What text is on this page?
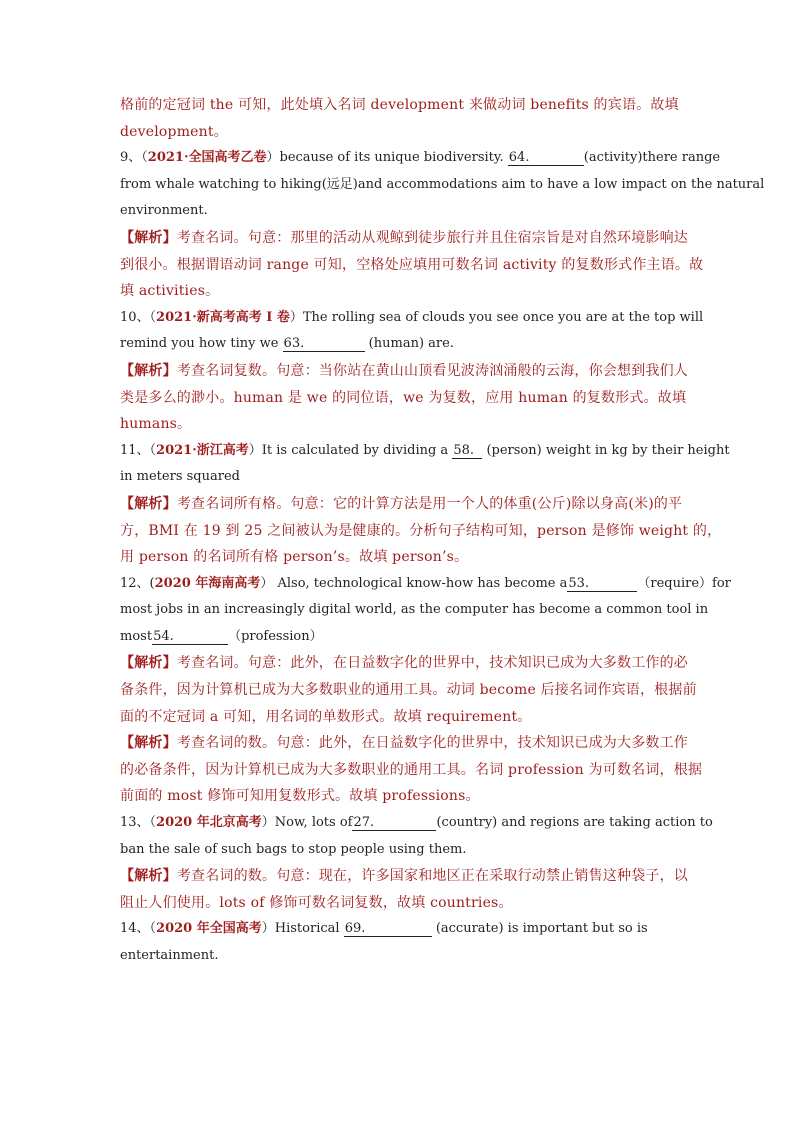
格前的定冠词 the 可知，此处填入名词 development 来做动词 benefits 的宾语。故填
development。
9、（2021·全国高考乙卷）because of its unique biodiversity. 64.	(activity)there range
from whale watching to hiking(远足)and accommodations aim to have a low impact on the natural
environment.
【解析】考查名词。句意：那里的活动从观鲸到徒步旅行并且住宿宗旨是对自然环境影响达
到很小。根据谓语动词 range 可知，空格处应填用可数名词 activity 的复数形式作主语。故
填 activities。
10、（2021·新高考高考 I 卷）The rolling sea of clouds you see once you are at the top will
remind you how tiny we 63.	(human) are.
【解析】考查名词复数。句意：当你站在黄山山顶看见波涛汹涌般的云海，你会想到我们人
类是多么的渺小。human 是 we 的同位语，we 为复数，应用 human 的复数形式。故填
humans。
11、（2021·浙江高考）It is calculated by dividing a 58. (person) weight in kg by their height
in meters squared
【解析】考查名词所有格。句意：它的计算方法是用一个人的体重(公斤)除以身高(米)的平
方，BMI 在 19 到 25 之间被认为是健康的。分析句子结构可知，person 是修饰 weight 的，
用 person 的名词所有格 person’s。故填 person’s。
12、(2020 年海南高考） Also, technological know-how has become a53.	（require）for
most jobs in an increasingly digital world, as the computer has become a common tool in
most54.	（profession）
【解析】考查名词。句意：此外，在日益数字化的世界中，技术知识已成为大多数工作的必
备条件，因为计算机已成为大多数职业的通用工具。动词 become 后接名词作宾语，根据前
面的不定冠词 a 可知，用名词的单数形式。故填 requirement。
【解析】考查名词的数。句意：此外，在日益数字化的世界中，技术知识已成为大多数工作
的必备条件，因为计算机已成为大多数职业的通用工具。名词 profession 为可数名词，根据
前面的 most 修饰可知用复数形式。故填 professions。
13、（2020 年北京高考）Now, lots of27.	(country) and regions are taking action to
ban the sale of such bags to stop people using them.
【解析】考查名词的数。句意：现在，许多国家和地区正在采取行动禁止销售这种袋子，以
阻止人们使用。lots of 修饰可数名词复数，故填 countries。
14、（2020 年全国高考）Historical 69.	(accurate) is important but so is
entertainment.
